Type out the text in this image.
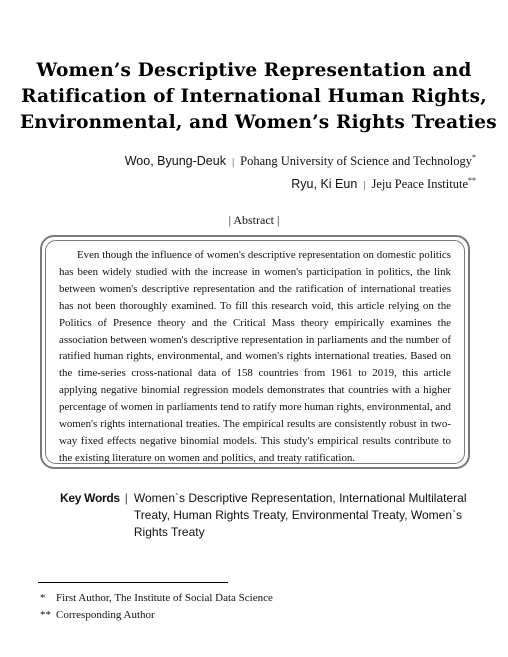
Women’s Descriptive Representation and
Ratification of International Human Rights,
Environmental, and Women’s Rights Treaties
Woo, Byung-Deuk | Pohang University of Science and Technology*
Ryu, Ki Eun | Jeju Peace Institute**
| Abstract |

Even though the influence of women's descriptive representation on domestic politics has been widely studied with the increase in women's participation in politics, the link between women's descriptive representation and the ratification of international treaties has not been thoroughly examined. To fill this research void, this article relying on the Politics of Presence theory and the Critical Mass theory empirically examines the association between women's descriptive representation in parliaments and the number of ratified human rights, environmental, and women's rights international treaties. Based on the time-series cross-national data of 158 countries from 1961 to 2019, this article applying negative binomial regression models demonstrates that countries with a higher percentage of women in parliaments tend to ratify more human rights, environmental, and women's rights international treaties. The empirical results are consistently robust in two-way fixed effects negative binomial models. This study's empirical results contribute to the existing literature on women and politics, and treaty ratification.

Key Words | Women`s Descriptive Representation, International Multilateral Treaty, Human Rights Treaty, Environmental Treaty, Women`s Rights Treaty
* First Author, The Institute of Social Data Science
** Corresponding Author
